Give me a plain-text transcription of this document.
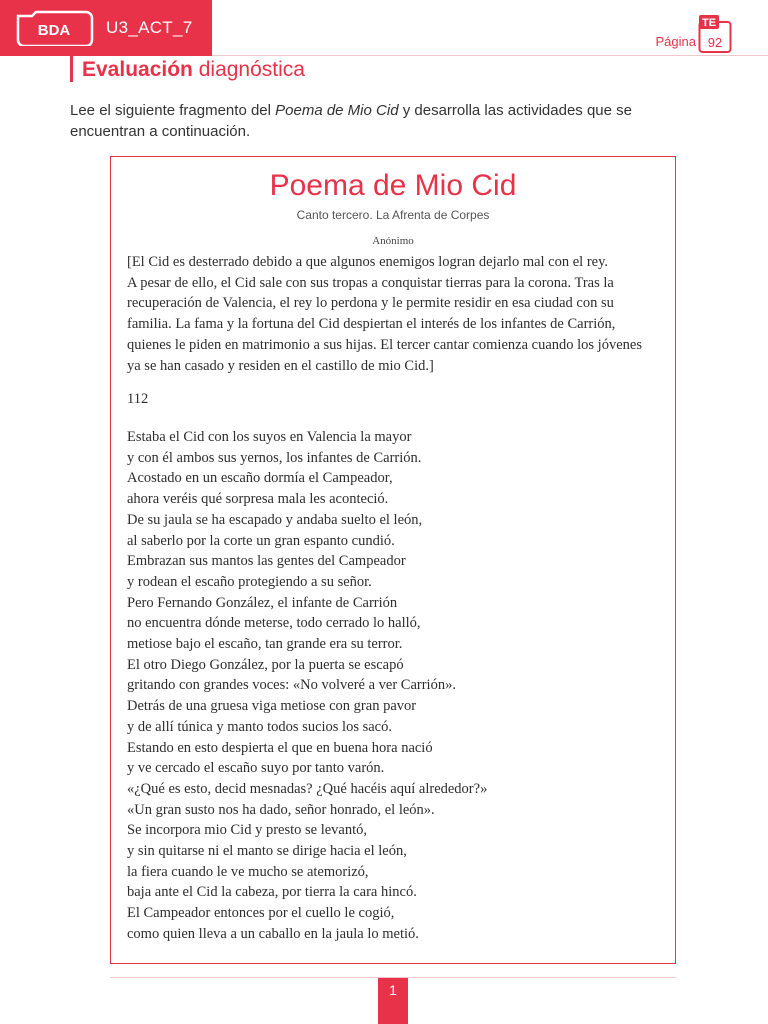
BDA U3_ACT_7
Página
TE
92
Evaluación diagnóstica
Lee el siguiente fragmento del Poema de Mio Cid y desarrolla las actividades que se encuentran a continuación.
Poema de Mio Cid
Canto tercero. La Afrenta de Corpes
Anónimo
[El Cid es desterrado debido a que algunos enemigos logran dejarlo mal con el rey.
A pesar de ello, el Cid sale con sus tropas a conquistar tierras para la corona. Tras la
recuperación de Valencia, el rey lo perdona y le permite residir en esa ciudad con su
familia. La fama y la fortuna del Cid despiertan el interés de los infantes de Carrión,
quienes le piden en matrimonio a sus hijas. El tercer cantar comienza cuando los jóvenes
ya se han casado y residen en el castillo de mio Cid.]
112
Estaba el Cid con los suyos en Valencia la mayor
y con él ambos sus yernos, los infantes de Carrión.
Acostado en un escaño dormía el Campeador,
ahora veréis qué sorpresa mala les aconteció.
De su jaula se ha escapado y andaba suelto el león,
al saberlo por la corte un gran espanto cundió.
Embrazan sus mantos las gentes del Campeador
y rodean el escaño protegiendo a su señor.
Pero Fernando González, el infante de Carrión
no encuentra dónde meterse, todo cerrado lo halló,
metiose bajo el escaño, tan grande era su terror.
El otro Diego González, por la puerta se escapó
gritando con grandes voces: «No volveré a ver Carrión».
Detrás de una gruesa viga metiose con gran pavor
y de allí túnica y manto todos sucios los sacó.
Estando en esto despierta el que en buena hora nació
y ve cercado el escaño suyo por tanto varón.
«¿Qué es esto, decid mesnadas? ¿Qué hacéis aquí alrededor?»
«Un gran susto nos ha dado, señor honrado, el león».
Se incorpora mio Cid y presto se levantó,
y sin quitarse ni el manto se dirige hacia el león,
la fiera cuando le ve mucho se atemorizó,
baja ante el Cid la cabeza, por tierra la cara hincó.
El Campeador entonces por el cuello le cogió,
como quien lleva a un caballo en la jaula lo metió.
1
